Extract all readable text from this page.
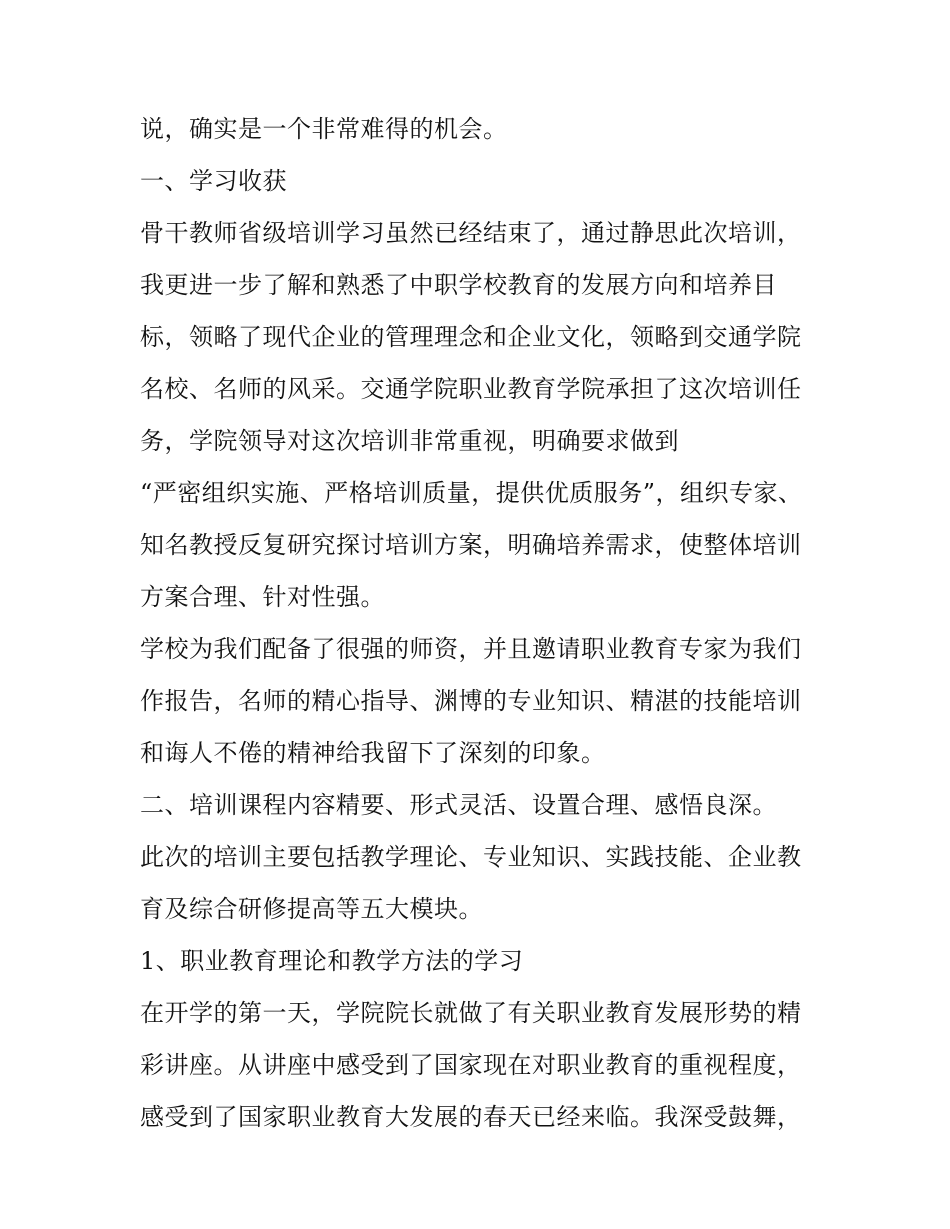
说，确实是一个非常难得的机会。
一、学习收获
骨干教师省级培训学习虽然已经结束了，通过静思此次培训，
我更进一步了解和熟悉了中职学校教育的发展方向和培养目
标，领略了现代企业的管理理念和企业文化，领略到交通学院
名校、名师的风采。交通学院职业教育学院承担了这次培训任
务，学院领导对这次培训非常重视，明确要求做到
“严密组织实施、严格培训质量，提供优质服务”，组织专家、
知名教授反复研究探讨培训方案，明确培养需求，使整体培训
方案合理、针对性强。
学校为我们配备了很强的师资，并且邀请职业教育专家为我们
作报告，名师的精心指导、渊博的专业知识、精湛的技能培训
和诲人不倦的精神给我留下了深刻的印象。
二、培训课程内容精要、形式灵活、设置合理、感悟良深。
此次的培训主要包括教学理论、专业知识、实践技能、企业教
育及综合研修提高等五大模块。
1、职业教育理论和教学方法的学习
在开学的第一天，学院院长就做了有关职业教育发展形势的精
彩讲座。从讲座中感受到了国家现在对职业教育的重视程度，
感受到了国家职业教育大发展的春天已经来临。我深受鼓舞，
